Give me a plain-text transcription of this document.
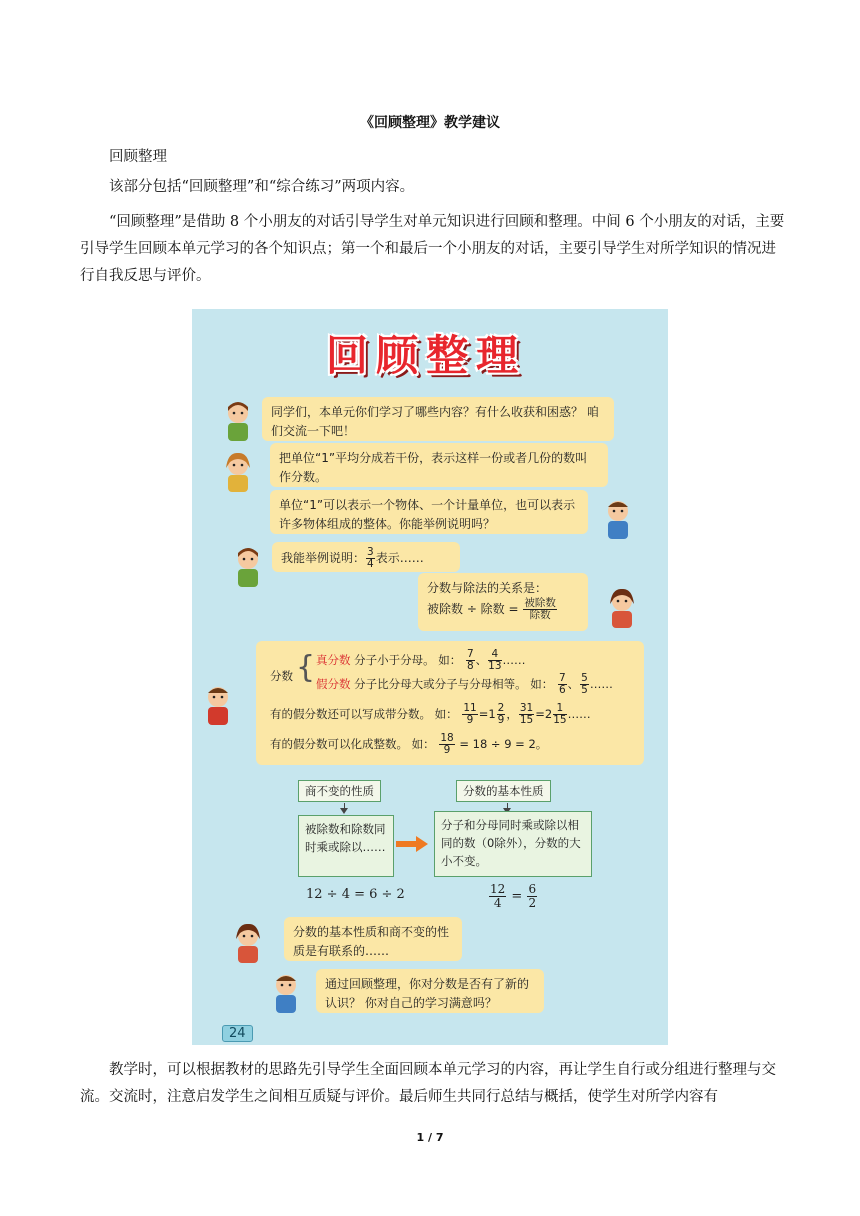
《回顾整理》教学建议

回顾整理

该部分包括“回顾整理”和“综合练习”两项内容。

“回顾整理”是借助 8 个小朋友的对话引导学生对单元知识进行回顾和整理。中间 6 个小朋友的对话，主要引导学生回顾本单元学习的各个知识点；第一个和最后一个小朋友的对话，主要引导学生对所学知识的情况进行自我反思与评价。

回顾整理
同学们，本单元你们学习了哪些内容？有什么收获和困惑？ 咱们交流一下吧！
把单位“1”平均分成若干份，表示这样一份或者几份的数叫作分数。
单位“1”可以表示一个物体、一个计量单位，也可以表示许多物体组成的整体。你能举例说明吗？
我能举例说明： $\frac{3}{4}$ 表示……
分数与除法的关系是：
被除数 ÷ 除数 = $\frac{\text{被除数}}{\text{除数}}$
分数 { 真分数 分子小于分母。 如： $\frac{7}{8}$ 、 $\frac{4}{13}$ ……
假分数 分子比分母大或分子与分母相等。 如： $\frac{7}{6}$ 、 $\frac{5}{5}$ ……
有的假分数还可以写成带分数。 如： $\frac{11}{9} =1 \frac{2}{9}$ ， $\frac{31}{15} =2 \frac{1}{15}$ ……
有的假分数可以化成整数。 如： $\frac{18}{9} = 18 \div 9 = 2$。
商不变的性质
被除数和除数同时乘或除以……
分数的基本性质
分子和分母同时乘或除以相同的数（0除外），分数的大小不变。
12 ÷ 4 = 6 ÷ 2	$\frac{12}{4} = \frac{6}{2}$
分数的基本性质和商不变的性质是有联系的……
通过回顾整理，你对分数是否有了新的认识？ 你对自己的学习满意吗？
24

教学时，可以根据教材的思路先引导学生全面回顾本单元学习的内容，再让学生自行或分组进行整理与交流。交流时，注意启发学生之间相互质疑与评价。最后师生共同行总结与概括，使学生对所学内容有

1 / 7
